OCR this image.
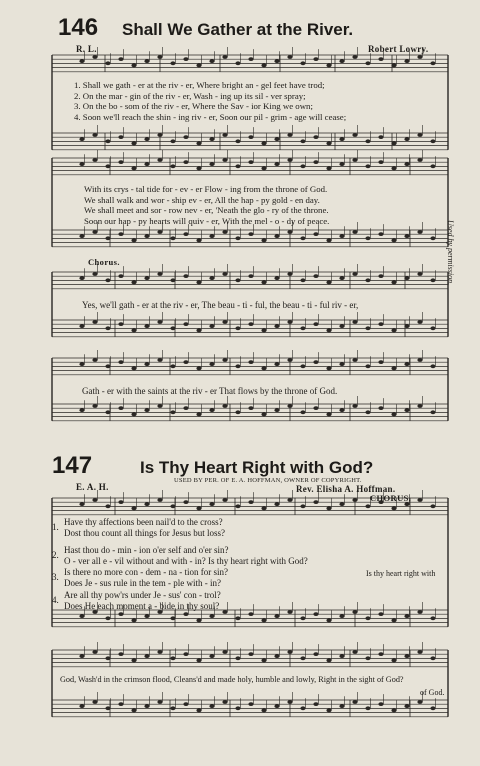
146 Shall We Gather at the River.
R. L.	Robert Lowry.
1. Shall we gath - er at the riv - er, Where bright an - gel feet have trod;
2. On the mar - gin of the riv - er, Wash - ing up its sil - ver spray;
3. On the bo - som of the riv - er, Where the Sav - ior King we own;
4. Soon we'll reach the shin - ing riv - er, Soon our pil - grim - age will cease;
With its crys - tal tide for - ev - er Flow - ing from the throne of God.
We shall walk and wor - ship ev - er, All the hap - py gold - en day.
We shall meet and sor - row nev - er, 'Neath the glo - ry of the throne.
Soon our hap - py hearts will quiv - er, With the mel - o - dy of peace.
Chorus.
Yes, we'll gath - er at the riv - er, The beau - ti - ful, the beau - ti - ful riv - er,
Gath - er with the saints at the riv - er That flows by the throne of God.
Used by permission.
147	Is Thy Heart Right with God?
USED BY PER. OF E. A. HOFFMAN, OWNER OF COPYRIGHT.
E. A. H.	Rev. Elisha A. Hoffman.
CHORUS.
1. Have thy affections been nail'd to the cross?
Dost thou count all things for Jesus but loss?
2. Hast thou do - min - ion o'er self and o'er sin?
O - ver all e - vil without and with - in? Is thy heart right with God?
3. Is there no more con - dem - na - tion for sin?
Does Je - sus rule in the tem - ple with - in?
Is thy heart right with
4. Are all thy pow'rs under Je - sus' con - trol?
Does He each moment a - bide in thy soul?
God, Wash'd in the crimson flood, Cleans'd and made holy, humble and lowly, Right in the sight of God?
of God.
